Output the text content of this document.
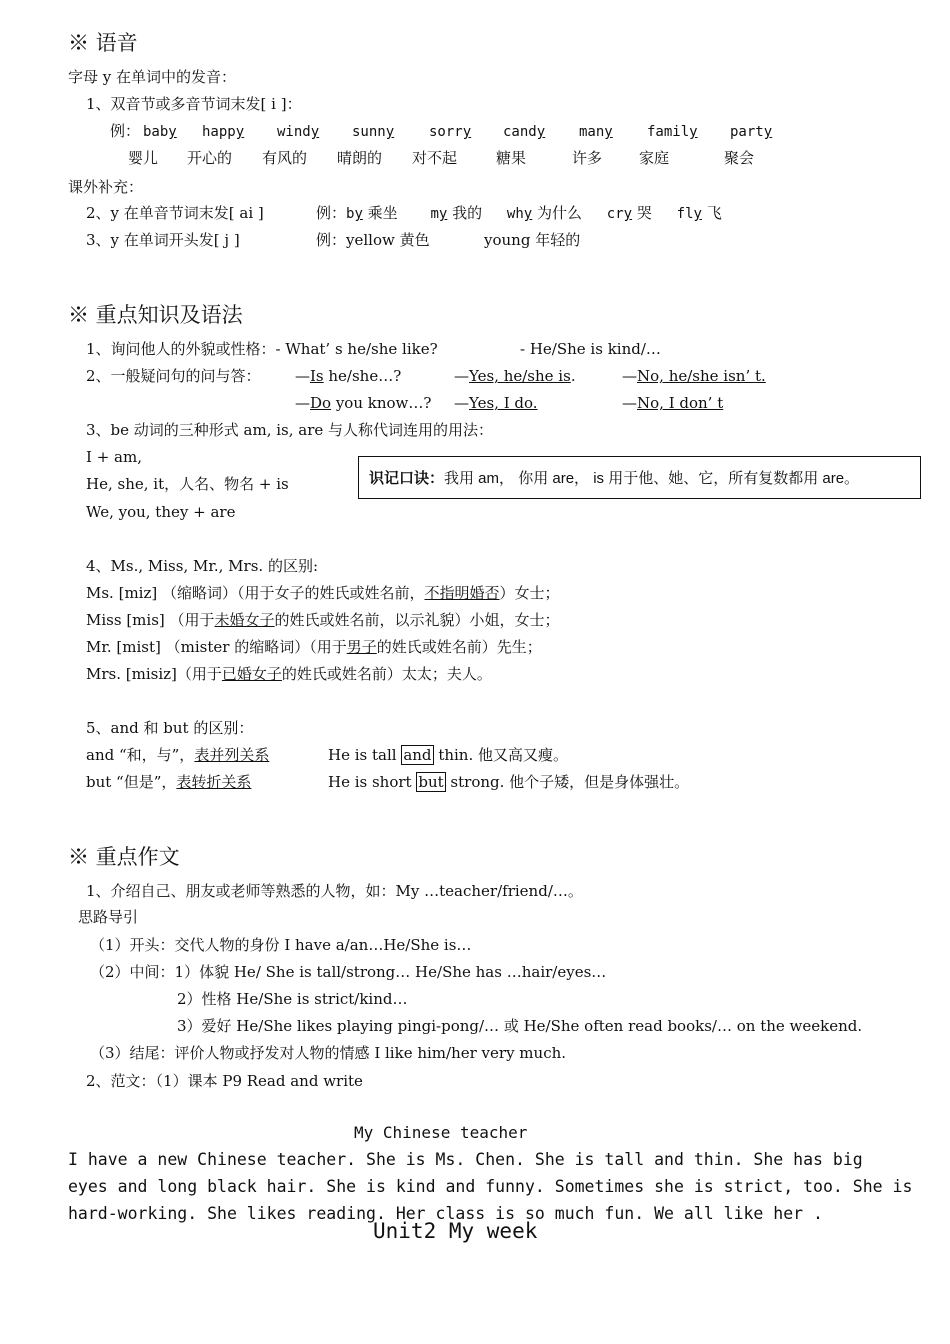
※ 语音
字母 y 在单词中的发音：
1、双音节或多音节词末发[ i ]：
例： baby happy windy sunny sorry candy many family party
婴儿 开心的 有风的 晴朗的 对不起	糖果	许多 家庭	聚会
课外补充：
2、y 在单音节词末发[ ai ]	例：by 乘坐 my 我的 why 为什么 cry 哭 fly 飞
3、y 在单词开头发[ j ]	例：yellow 黄色	young 年轻的
※ 重点知识及语法
1、询问他人的外貌或性格：- What’ s he/she like?	- He/She is kind/…
2、一般疑问句的问与答： —Is he/she…?	—Yes, he/she is.	—No, he/she isn’ t.
—Do you know…? —Yes, I do.	—No, I don’ t
3、be 动词的三种形式 am, is, are 与人称代词连用的用法：
I + am,
He, she, it，人名、物名 + is
We, you, they + are
识记口诀： 我用 am， 你用 are， is 用于他、她、它，所有复数都用 are。
4、Ms., Miss, Mr., Mrs. 的区别:
Ms. [miz] （缩略词）（用于女子的姓氏或姓名前，不指明婚否）女士；
Miss [mis] （用于未婚女子的姓氏或姓名前，以示礼貌）小姐，女士；
Mr. [mist] （mister 的缩略词）（用于男子的姓氏或姓名前）先生；
Mrs. [misiz]（用于已婚女子的姓氏或姓名前）太太；夫人。
5、and 和 but 的区别：
and “和，与”，表并列关系	He is tall and thin. 他又高又瘦。
but “但是”，表转折关系	He is short but strong. 他个子矮，但是身体强壮。
※ 重点作文
1、介绍自己、朋友或老师等熟悉的人物，如：My …teacher/friend/…。
思路导引
（1）开头：交代人物的身份 I have a/an…He/She is…
（2）中间：1）体貌 He/ She is tall/strong… He/She has …hair/eyes…
2）性格 He/She is strict/kind…
3）爱好 He/She likes playing pingi-pong/… 或 He/She often read books/… on the weekend.
（3）结尾：评价人物或抒发对人物的情感 I like him/her very much.
2、范文：（1）课本 P9 Read and write
My Chinese teacher
I have a new Chinese teacher. She is Ms. Chen. She is tall and thin. She has big
eyes and long black hair. She is kind and funny. Sometimes she is strict, too. She is
hard-working. She likes reading. Her class is so much fun. We all like her .
Unit2 My week
